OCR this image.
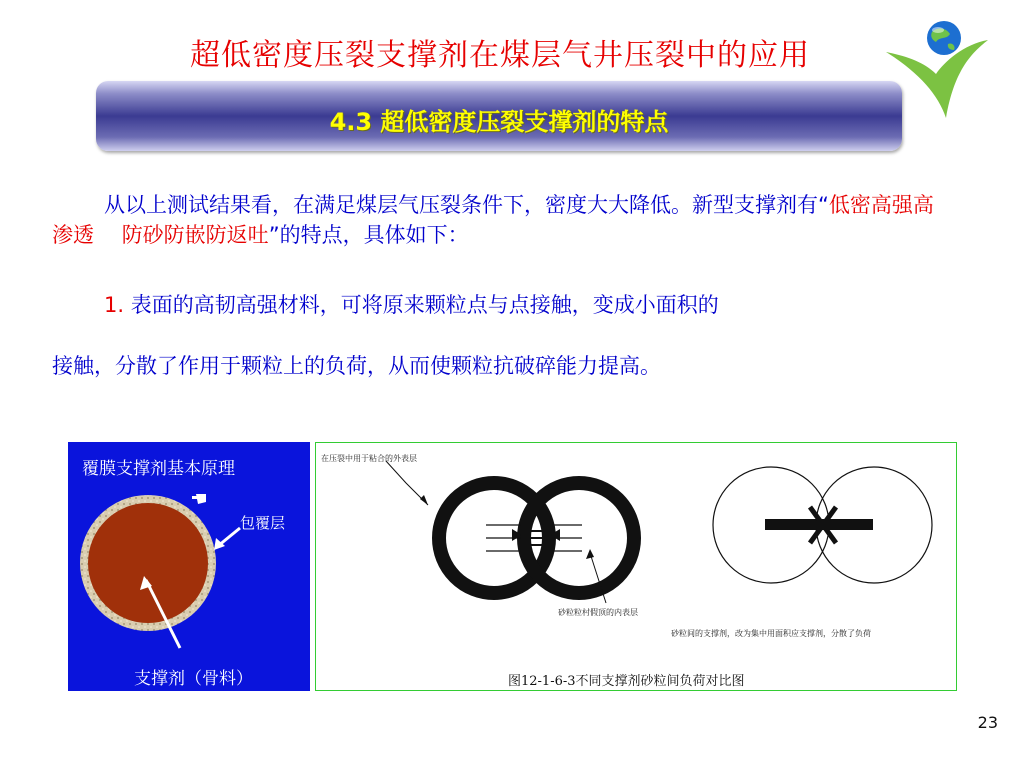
超低密度压裂支撑剂在煤层气井压裂中的应用
4.3 超低密度压裂支撑剂的特点

从以上测试结果看，在满足煤层气压裂条件下，密度大大降低。新型支撑剂有“低密高强高渗透　 防砂防嵌防返吐”的特点，具体如下：

1. 表面的高韧高强材料，可将原来颗粒点与点接触，变成小面积的

接触，分散了作用于颗粒上的负荷，从而使颗粒抗破碎能力提高。

覆膜支撑剂基本原理
包覆层
支撑剂（骨料）
在压裂中用于粘合的外表层
砂粒粒村假顶的内表层
砂粒间的支撑剂，改为集中用面积应支撑剂，分散了负荷
图12-1-6-3不同支撑剂砂粒间负荷对比图
23
